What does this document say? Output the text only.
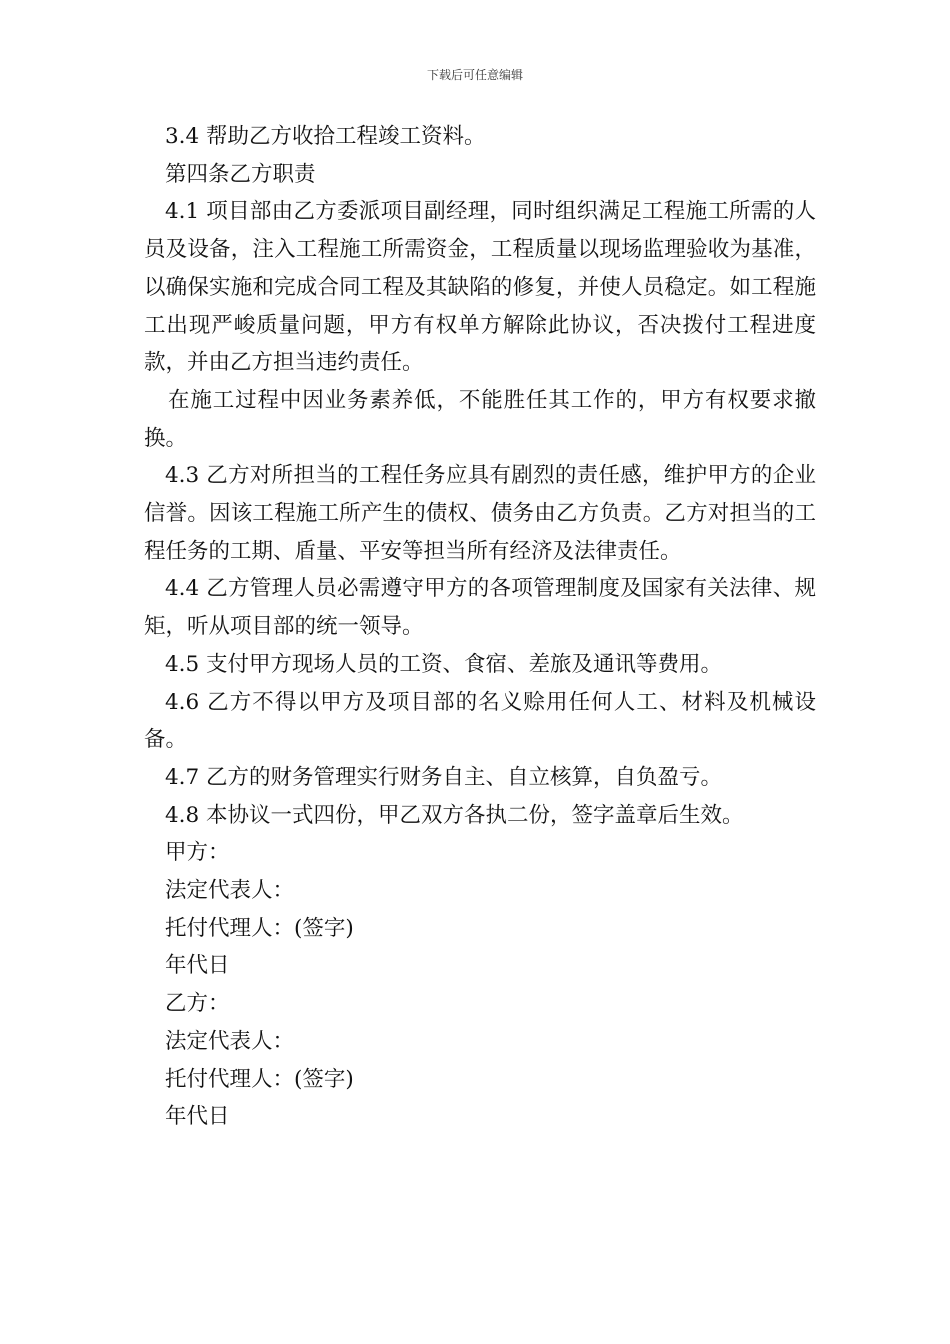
下载后可任意编辑

3.4 帮助乙方收拾工程竣工资料。

第四条乙方职责

4.1 项目部由乙方委派项目副经理，同时组织满足工程施工所需的人员及设备，注入工程施工所需资金，工程质量以现场监理验收为基准，以确保实施和完成合同工程及其缺陷的修复，并使人员稳定。如工程施工出现严峻质量问题，甲方有权单方解除此协议，否决拨付工程进度款，并由乙方担当违约责任。

在施工过程中因业务素养低，不能胜任其工作的，甲方有权要求撤换。

4.3 乙方对所担当的工程任务应具有剧烈的责任感，维护甲方的企业信誉。因该工程施工所产生的债权、债务由乙方负责。乙方对担当的工程任务的工期、盾量、平安等担当所有经济及法律责任。

4.4 乙方管理人员必需遵守甲方的各项管理制度及国家有关法律、规矩，听从项目部的统一领导。

4.5 支付甲方现场人员的工资、食宿、差旅及通讯等费用。

4.6 乙方不得以甲方及项目部的名义赊用任何人工、材料及机械设备。

4.7 乙方的财务管理实行财务自主、自立核算，自负盈亏。

4.8 本协议一式四份，甲乙双方各执二份，签字盖章后生效。

甲方：

法定代表人：

托付代理人：(签字)

年代日

乙方：

法定代表人：

托付代理人：(签字)

年代日
